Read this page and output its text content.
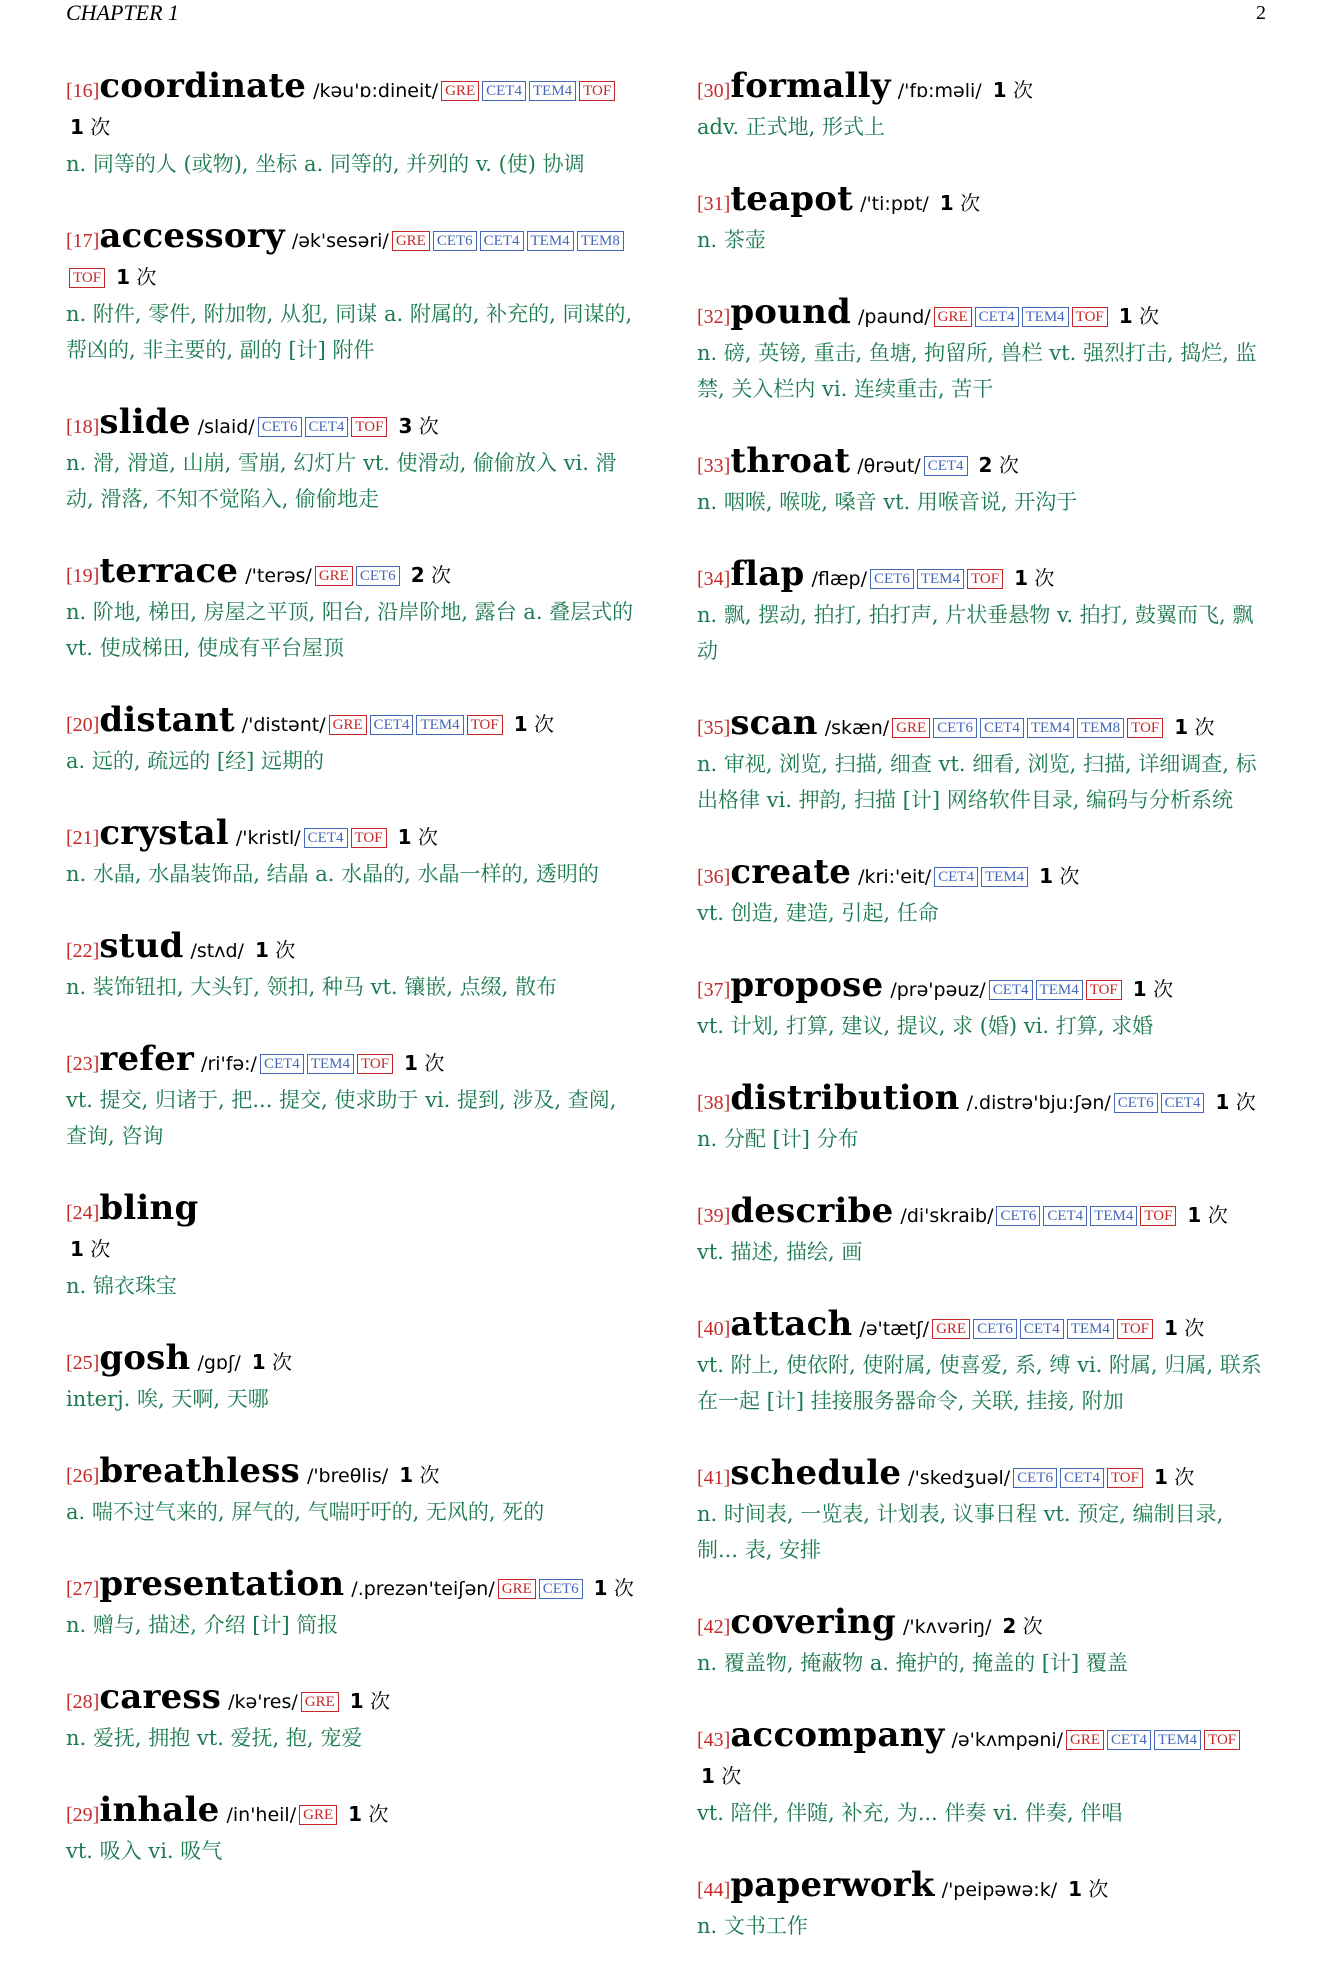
CHAPTER 1	2
[16]coordinate /kəu'ɒ:dineit/ GRE CET4 TEM4 TOF 1 次
n. 同等的人 (或物), 坐标 a. 同等的, 并列的 v. (使) 协调
[17]accessory /ək'sesəri/ GRE CET6 CET4 TEM4 TEM8TOF 1 次
n. 附件, 零件, 附加物, 从犯, 同谋 a. 附属的, 补充的, 同谋的, 帮凶的, 非主要的, 副的 [计] 附件
[18]slide /slaid/ CET6 CET4 TOF 3 次
n. 滑, 滑道, 山崩, 雪崩, 幻灯片 vt. 使滑动, 偷偷放入 vi. 滑动, 滑落, 不知不觉陷入, 偷偷地走
[19]terrace /'terəs/ GRE CET6 2 次
n. 阶地, 梯田, 房屋之平顶, 阳台, 沿岸阶地, 露台 a. 叠层式的 vt. 使成梯田, 使成有平台屋顶
[20]distant /'distənt/ GRE CET4 TEM4 TOF 1 次
a. 远的, 疏远的 [经] 远期的
[21]crystal /'kristl/ CET4 TOF 1 次
n. 水晶, 水晶装饰品, 结晶 a. 水晶的, 水晶一样的, 透明的
[22]stud /stʌd/ 1 次
n. 装饰钮扣, 大头钉, 领扣, 种马 vt. 镶嵌, 点缀, 散布
[23]refer /ri'fə:/ CET4 TEM4 TOF 1 次
vt. 提交, 归诸于, 把... 提交, 使求助于 vi. 提到, 涉及, 查阅, 查询, 咨询
[24]bling
1 次
n. 锦衣珠宝
[25]gosh /gɒʃ/ 1 次
interj. 唉, 天啊, 天哪
[26]breathless /'breθlis/ 1 次
a. 喘不过气来的, 屏气的, 气喘吁吁的, 无风的, 死的
[27]presentation /.prezən'teiʃən/ GRE CET6 1 次
n. 赠与, 描述, 介绍 [计] 简报
[28]caress /kə'res/ GRE 1 次
n. 爱抚, 拥抱 vt. 爱抚, 抱, 宠爱
[29]inhale /in'heil/ GRE 1 次
vt. 吸入 vi. 吸气
[30]formally /'fɒ:məli/ 1 次
adv. 正式地, 形式上
[31]teapot /'ti:pɒt/ 1 次
n. 茶壶
[32]pound /paund/ GRE CET4 TEM4 TOF 1 次
n. 磅, 英镑, 重击, 鱼塘, 拘留所, 兽栏 vt. 强烈打击, 捣烂, 监禁, 关入栏内 vi. 连续重击, 苦干
[33]throat /θrəut/ CET4 2 次
n. 咽喉, 喉咙, 嗓音 vt. 用喉音说, 开沟于
[34]flap /flæp/ CET6 TEM4 TOF 1 次
n. 飘, 摆动, 拍打, 拍打声, 片状垂悬物 v. 拍打, 鼓翼而飞, 飘动
[35]scan /skæn/ GRE CET6 CET4 TEM4 TEM8 TOF 1 次
n. 审视, 浏览, 扫描, 细查 vt. 细看, 浏览, 扫描, 详细调查, 标出格律 vi. 押韵, 扫描 [计] 网络软件目录, 编码与分析系统
[36]create /kri:'eit/ CET4 TEM4 1 次
vt. 创造, 建造, 引起, 任命
[37]propose /prə'pəuz/ CET4 TEM4 TOF 1 次
vt. 计划, 打算, 建议, 提议, 求 (婚) vi. 打算, 求婚
[38]distribution /.distrə'bju:ʃən/ CET6 CET4 1 次
n. 分配 [计] 分布
[39]describe /di'skraib/ CET6 CET4 TEM4 TOF 1 次
vt. 描述, 描绘, 画
[40]attach /ə'tætʃ/ GRE CET6 CET4 TEM4 TOF 1 次
vt. 附上, 使依附, 使附属, 使喜爱, 系, 缚 vi. 附属, 归属, 联系在一起 [计] 挂接服务器命令, 关联, 挂接, 附加
[41]schedule /'skedʒuəl/ CET6 CET4 TOF 1 次
n. 时间表, 一览表, 计划表, 议事日程 vt. 预定, 编制目录, 制... 表, 安排
[42]covering /'kʌvəriŋ/ 2 次
n. 覆盖物, 掩蔽物 a. 掩护的, 掩盖的 [计] 覆盖
[43]accompany /ə'kʌmpəni/ GRE CET4 TEM4 TOF 1 次
vt. 陪伴, 伴随, 补充, 为... 伴奏 vi. 伴奏, 伴唱
[44]paperwork /'peipəwə:k/ 1 次
n. 文书工作
